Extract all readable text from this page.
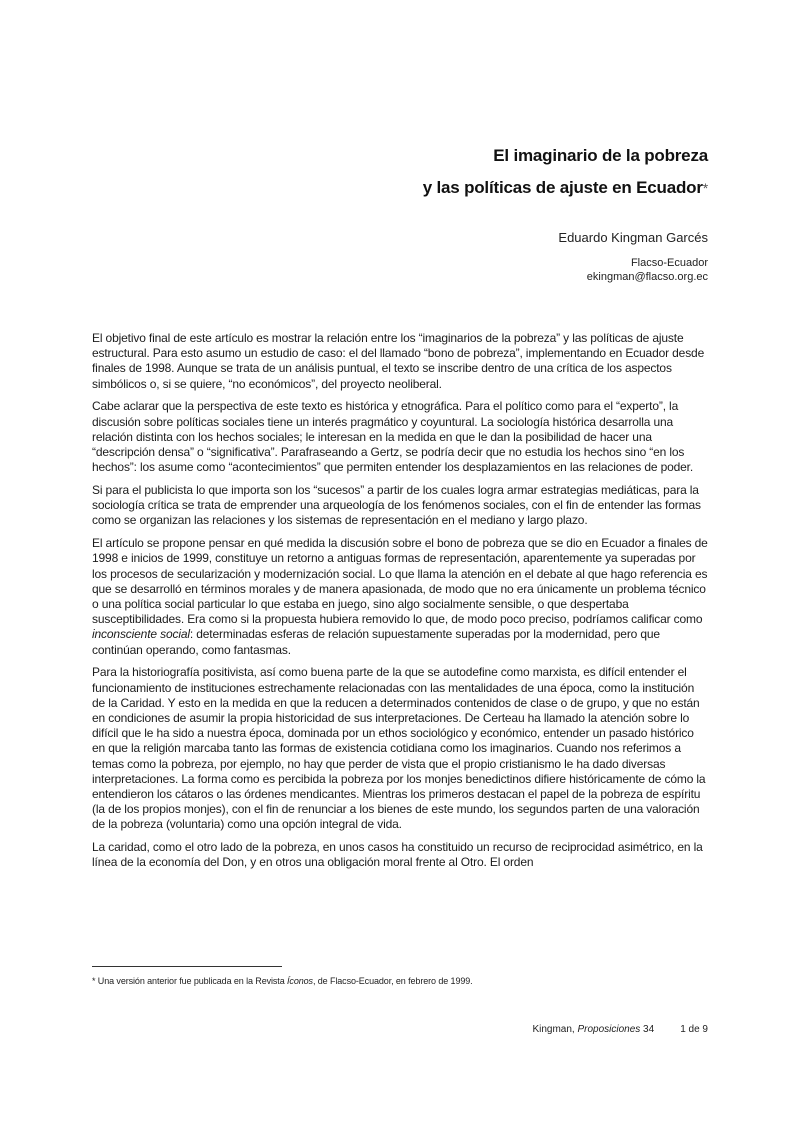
El imaginario de la pobreza
y las políticas de ajuste en Ecuador*
Eduardo Kingman Garcés
Flacso-Ecuador
ekingman@flacso.org.ec

El objetivo final de este artículo es mostrar la relación entre los “imaginarios de la pobreza” y las políticas de ajuste estructural. Para esto asumo un estudio de caso: el del llamado “bono de pobreza”, implementando en Ecuador desde finales de 1998. Aunque se trata de un análisis puntual, el texto se inscribe dentro de una crítica de los aspectos simbólicos o, si se quiere, “no económicos”, del proyecto neoliberal.

Cabe aclarar que la perspectiva de este texto es histórica y etnográfica. Para el político como para el “experto”, la discusión sobre políticas sociales tiene un interés pragmático y coyuntural. La sociología histórica desarrolla una relación distinta con los hechos sociales; le interesan en la medida en que le dan la posibilidad de hacer una “descripción densa” o “significativa”. Parafraseando a Gertz, se podría decir que no estudia los hechos sino “en los hechos”: los asume como “acontecimientos” que permiten entender los desplazamientos en las relaciones de poder.

Si para el publicista lo que importa son los “sucesos” a partir de los cuales logra armar estrategias mediáticas, para la sociología crítica se trata de emprender una arqueología de los fenómenos sociales, con el fin de entender las formas como se organizan las relaciones y los sistemas de representación en el mediano y largo plazo.

El artículo se propone pensar en qué medida la discusión sobre el bono de pobreza que se dio en Ecuador a finales de 1998 e inicios de 1999, constituye un retorno a antiguas formas de representación, aparentemente ya superadas por los procesos de secularización y modernización social. Lo que llama la atención en el debate al que hago referencia es que se desarrolló en términos morales y de manera apasionada, de modo que no era únicamente un problema técnico o una política social particular lo que estaba en juego, sino algo socialmente sensible, o que despertaba susceptibilidades. Era como si la propuesta hubiera removido lo que, de modo poco preciso, podríamos calificar como inconsciente social: determinadas esferas de relación supuestamente superadas por la modernidad, pero que continúan operando, como fantasmas.

Para la historiografía positivista, así como buena parte de la que se autodefine como marxista, es difícil entender el funcionamiento de instituciones estrechamente relacionadas con las mentalidades de una época, como la institución de la Caridad. Y esto en la medida en que la reducen a determinados contenidos de clase o de grupo, y que no están en condiciones de asumir la propia historicidad de sus interpretaciones. De Certeau ha llamado la atención sobre lo difícil que le ha sido a nuestra época, dominada por un ethos sociológico y económico, entender un pasado histórico en que la religión marcaba tanto las formas de existencia cotidiana como los imaginarios. Cuando nos referimos a temas como la pobreza, por ejemplo, no hay que perder de vista que el propio cristianismo le ha dado diversas interpretaciones. La forma como es percibida la pobreza por los monjes benedictinos difiere históricamente de cómo la entendieron los cátaros o las órdenes mendicantes. Mientras los primeros destacan el papel de la pobreza de espíritu (la de los propios monjes), con el fin de renunciar a los bienes de este mundo, los segundos parten de una valoración de la pobreza (voluntaria) como una opción integral de vida.

La caridad, como el otro lado de la pobreza, en unos casos ha constituido un recurso de reciprocidad asimétrico, en la línea de la economía del Don, y en otros una obligación moral frente al Otro. El orden

* Una versión anterior fue publicada en la Revista Íconos, de Flacso-Ecuador, en febrero de 1999.
Kingman, Proposiciones 34	1 de 9
